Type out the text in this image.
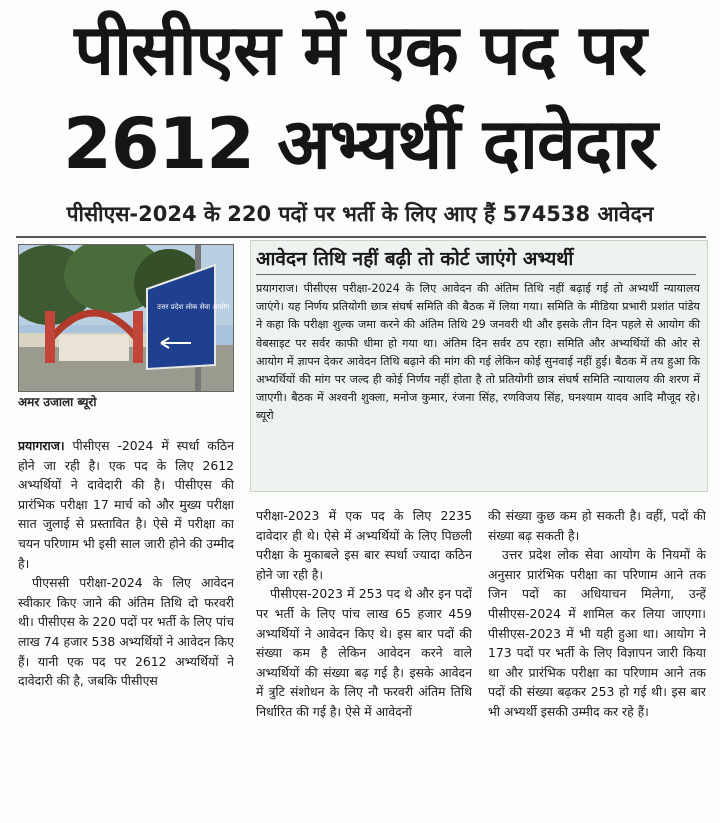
पीसीएस में एक पद पर
2612 अभ्यर्थी दावेदार
पीसीएस-2024 के 220 पदों पर भर्ती के लिए आए हैं 574538 आवेदन
उत्तर प्रदेश लोक सेवा आयोग
अमर उजाला ब्यूरो
आवेदन तिथि नहीं बढ़ी तो कोर्ट जाएंगे अभ्यर्थी
प्रयागराज। पीसीएस परीक्षा-2024 के लिए आवेदन की अंतिम तिथि नहीं बढ़ाई गई तो अभ्यर्थी न्यायालय जाएंगे। यह निर्णय प्रतियोगी छात्र संघर्ष समिति की बैठक में लिया गया। समिति के मीडिया प्रभारी प्रशांत पांडेय ने कहा कि परीक्षा शुल्क जमा करने की अंतिम तिथि 29 जनवरी थी और इसके तीन दिन पहले से आयोग की वेबसाइट पर सर्वर काफी धीमा हो गया था। अंतिम दिन सर्वर ठप रहा। समिति और अभ्यर्थियों की ओर से आयोग में ज्ञापन देकर आवेदन तिथि बढ़ाने की मांग की गई लेकिन कोई सुनवाई नहीं हुई। बैठक में तय हुआ कि अभ्यर्थियों की मांग पर जल्द ही कोई निर्णय नहीं होता है तो प्रतियोगी छात्र संघर्ष समिति न्यायालय की शरण में जाएगी। बैठक में अश्वनी शुक्ला, मनोज कुमार, रंजना सिंह, रणविजय सिंह, घनश्याम यादव आदि मौजूद रहे। ब्यूरो

प्रयागराज। पीसीएस -2024 में स्पर्धा कठिन होने जा रही है। एक पद के लिए 2612 अभ्यर्थियों ने दावेदारी की है। पीसीएस की प्रारंभिक परीक्षा 17 मार्च को और मुख्य परीक्षा सात जुलाई से प्रस्तावित है। ऐसे में परीक्षा का चयन परिणाम भी इसी साल जारी होने की उम्मीद है।

पीएससी परीक्षा-2024 के लिए आवेदन स्वीकार किए जाने की अंतिम तिथि दो फरवरी थी। पीसीएस के 220 पदों पर भर्ती के लिए पांच लाख 74 हजार 538 अभ्यर्थियों ने आवेदन किए हैं। यानी एक पद पर 2612 अभ्यर्थियों ने दावेदारी की है, जबकि पीसीएस

परीक्षा-2023 में एक पद के लिए 2235 दावेदार ही थे। ऐसे में अभ्यर्थियों के लिए पिछली परीक्षा के मुकाबले इस बार स्पर्धा ज्यादा कठिन होने जा रही है।

पीसीएस-2023 में 253 पद थे और इन पदों पर भर्ती के लिए पांच लाख 65 हजार 459 अभ्यर्थियों ने आवेदन किए थे। इस बार पदों की संख्या कम है लेकिन आवेदन करने वाले अभ्यर्थियों की संख्या बढ़ गई है। इसके आवेदन में त्रुटि संशोधन के लिए नौ फरवरी अंतिम तिथि निर्धारित की गई है। ऐसे में आवेदनों

की संख्या कुछ कम हो सकती है। वहीं, पदों की संख्या बढ़ सकती है।

उत्तर प्रदेश लोक सेवा आयोग के नियमों के अनुसार प्रारंभिक परीक्षा का परिणाम आने तक जिन पदों का अधियाचन मिलेगा, उन्हें पीसीएस-2024 में शामिल कर लिया जाएगा। पीसीएस-2023 में भी यही हुआ था। आयोग ने 173 पदों पर भर्ती के लिए विज्ञापन जारी किया था और प्रारंभिक परीक्षा का परिणाम आने तक पदों की संख्या बढ़कर 253 हो गई थी। इस बार भी अभ्यर्थी इसकी उम्मीद कर रहे हैं।
